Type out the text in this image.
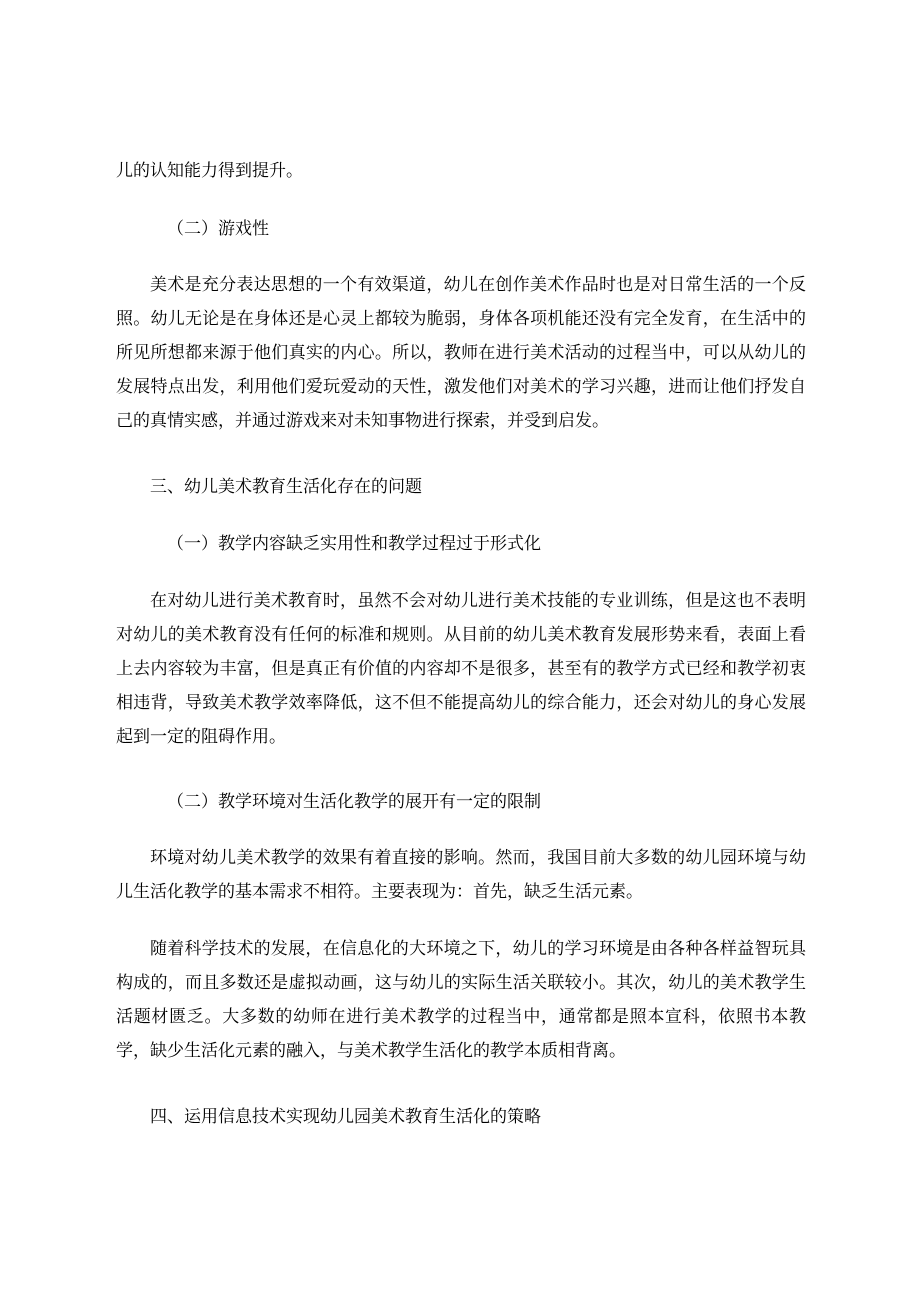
儿的认知能力得到提升。

（二）游戏性

美术是充分表达思想的一个有效渠道，幼儿在创作美术作品时也是对日常生活的一个反照。幼儿无论是在身体还是心灵上都较为脆弱，身体各项机能还没有完全发育，在生活中的所见所想都来源于他们真实的内心。所以，教师在进行美术活动的过程当中，可以从幼儿的发展特点出发，利用他们爱玩爱动的天性，激发他们对美术的学习兴趣，进而让他们抒发自己的真情实感，并通过游戏来对未知事物进行探索，并受到启发。

三、幼儿美术教育生活化存在的问题

（一）教学内容缺乏实用性和教学过程过于形式化

在对幼儿进行美术教育时，虽然不会对幼儿进行美术技能的专业训练，但是这也不表明对幼儿的美术教育没有任何的标准和规则。从目前的幼儿美术教育发展形势来看，表面上看上去内容较为丰富，但是真正有价值的内容却不是很多，甚至有的教学方式已经和教学初衷相违背，导致美术教学效率降低，这不但不能提高幼儿的综合能力，还会对幼儿的身心发展起到一定的阻碍作用。

（二）教学环境对生活化教学的展开有一定的限制

环境对幼儿美术教学的效果有着直接的影响。然而，我国目前大多数的幼儿园环境与幼儿生活化教学的基本需求不相符。主要表现为：首先，缺乏生活元素。

随着科学技术的发展，在信息化的大环境之下，幼儿的学习环境是由各种各样益智玩具构成的，而且多数还是虚拟动画，这与幼儿的实际生活关联较小。其次，幼儿的美术教学生活题材匮乏。大多数的幼师在进行美术教学的过程当中，通常都是照本宣科，依照书本教学，缺少生活化元素的融入，与美术教学生活化的教学本质相背离。

四、运用信息技术实现幼儿园美术教育生活化的策略
